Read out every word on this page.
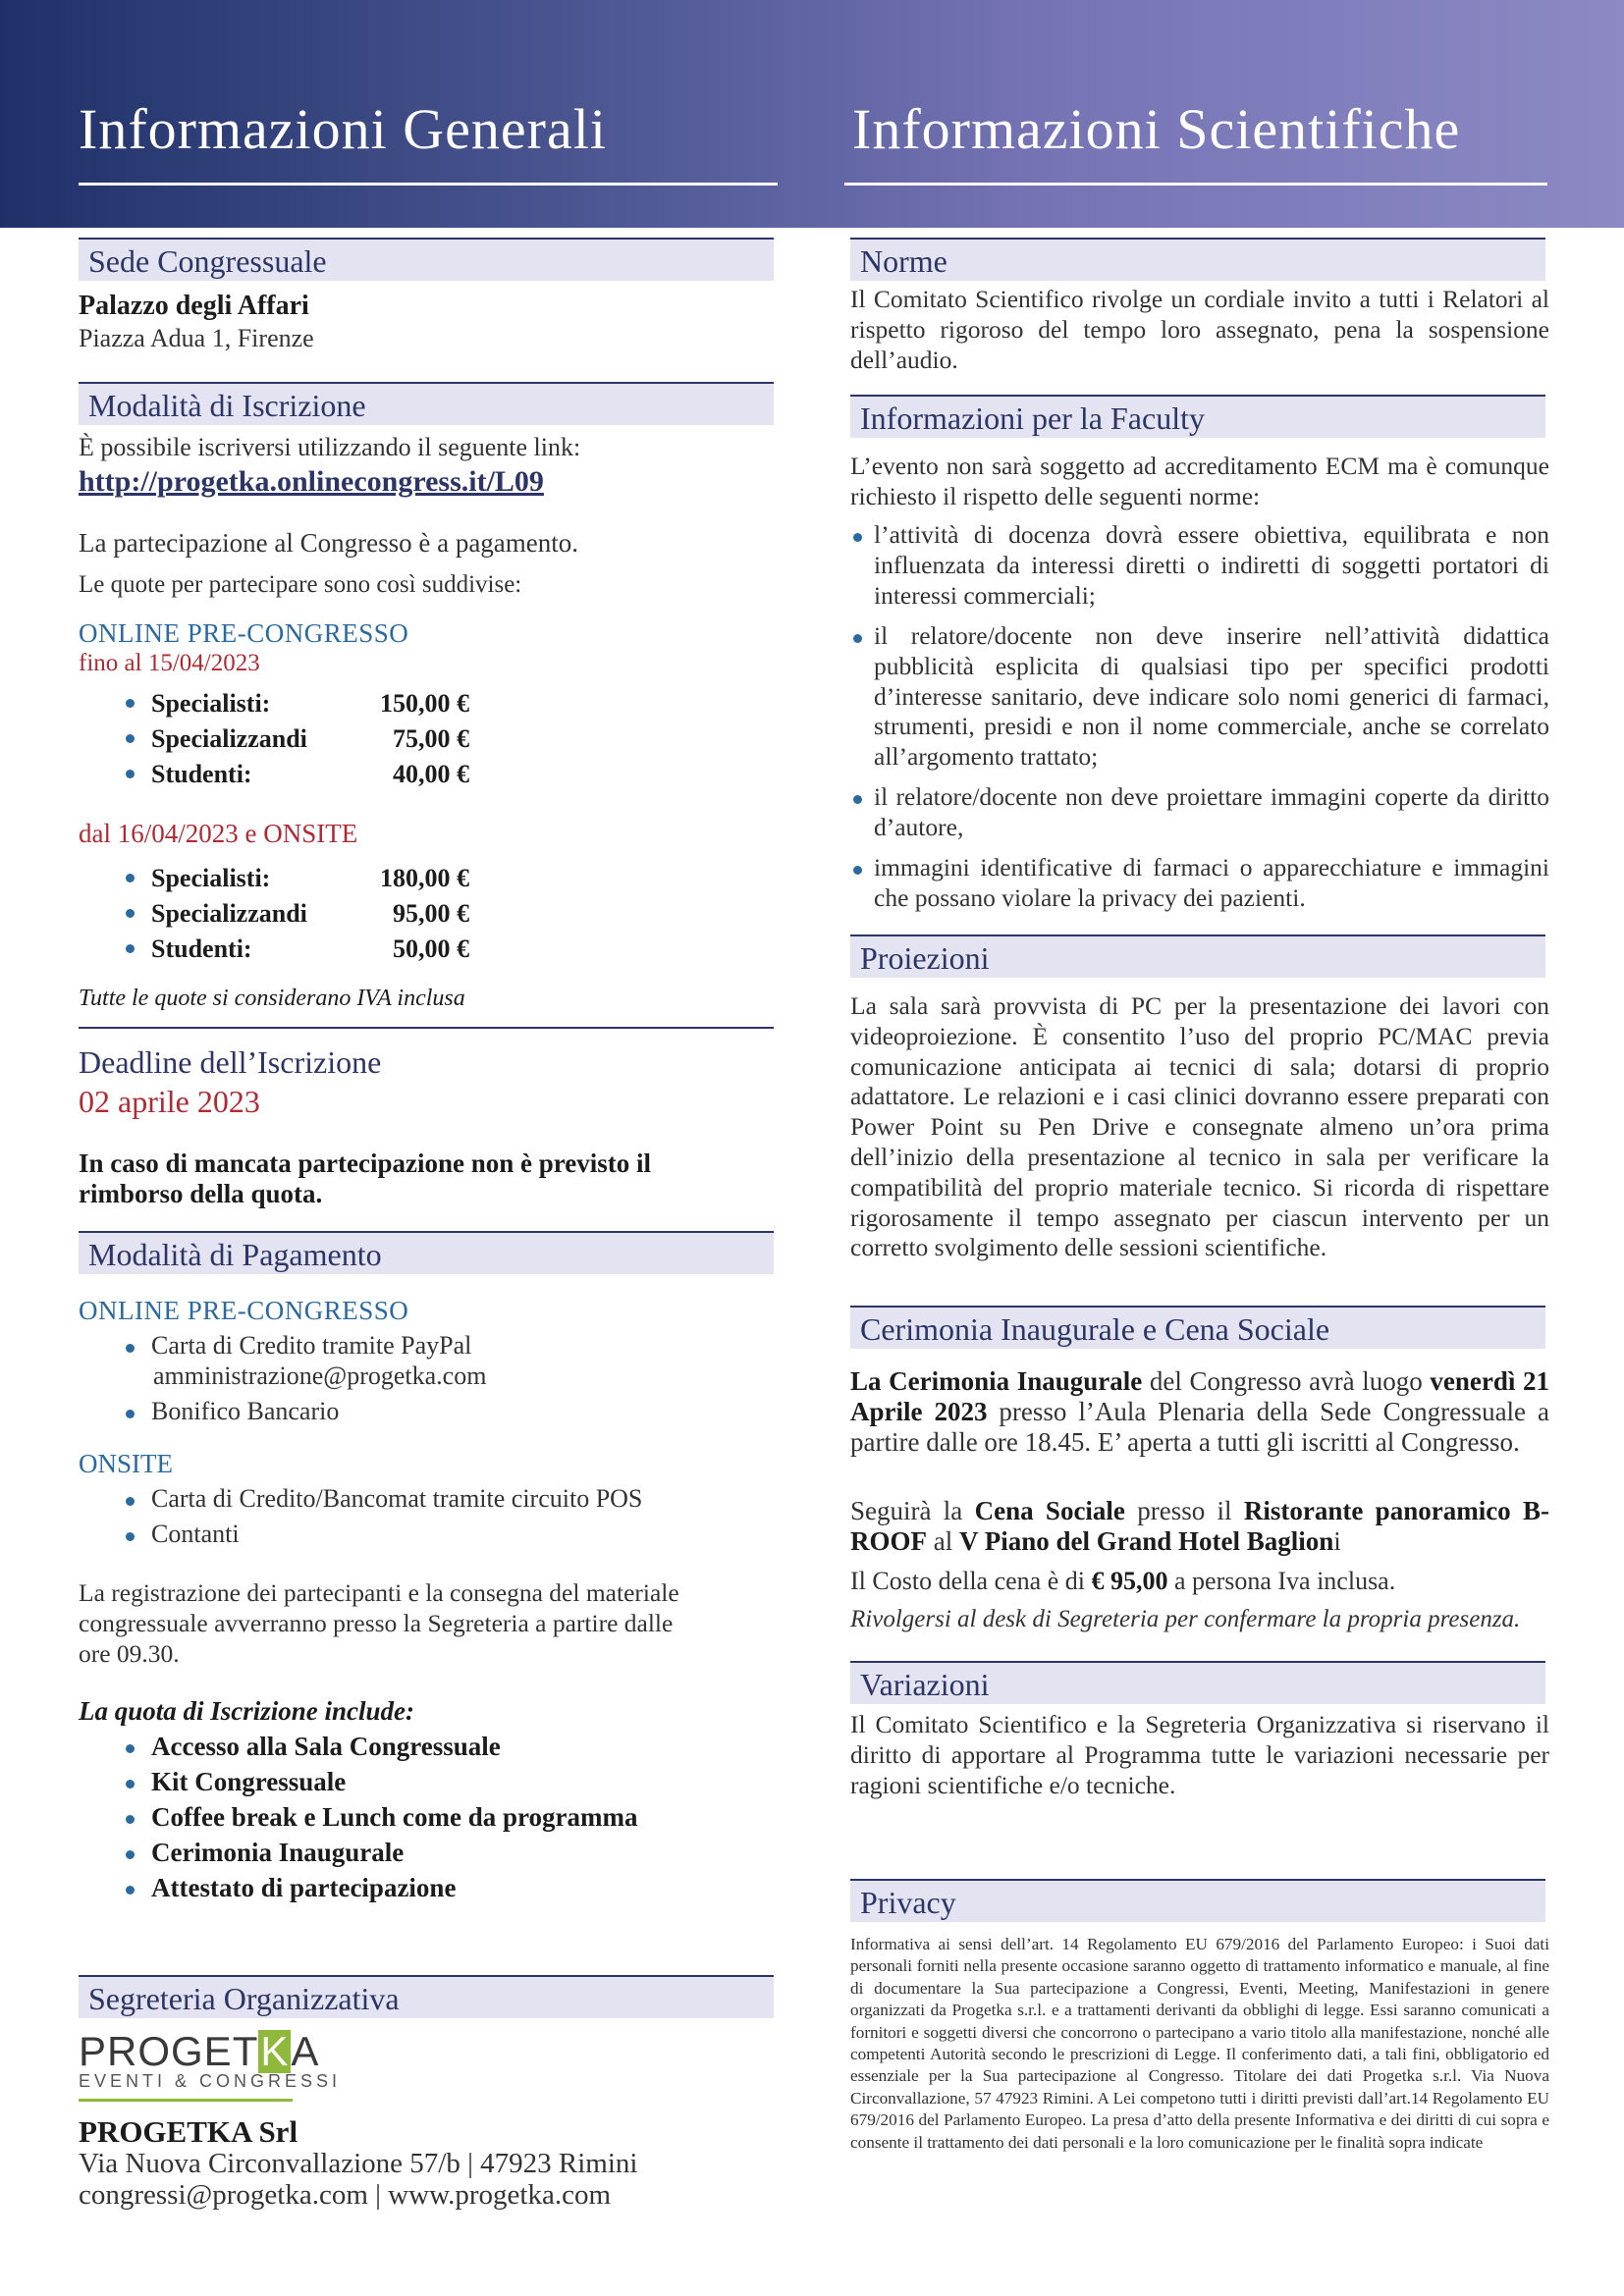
Informazioni Generali	Informazioni Scientifiche
Sede Congressuale
Palazzo degli Affari
Piazza Adua 1, Firenze
Modalità di Iscrizione
È possibile iscriversi utilizzando il seguente link:
http://progetka.onlinecongress.it/L09
La partecipazione al Congresso è a pagamento.
Le quote per partecipare sono così suddivise:
ONLINE PRE-CONGRESSO
fino al 15/04/2023
Specialisti:	150,00 €
Specializzandi	75,00 €
Studenti:	40,00 €
dal 16/04/2023 e ONSITE
Specialisti:	180,00 €
Specializzandi	95,00 €
Studenti:	50,00 €
Tutte le quote si considerano IVA inclusa
Deadline dell’Iscrizione
02 aprile 2023
In caso di mancata partecipazione non è previsto il
rimborso della quota.
Modalità di Pagamento
ONLINE PRE-CONGRESSO
Carta di Credito tramite PayPal
amministrazione@progetka.com
Bonifico Bancario
ONSITE
Carta di Credito/Bancomat tramite circuito POS
Contanti
La registrazione dei partecipanti e la consegna del materiale
congressuale avverranno presso la Segreteria a partire dalle
ore 09.30.
La quota di Iscrizione include:
Accesso alla Sala Congressuale
Kit Congressuale
Coffee break e Lunch come da programma
Cerimonia Inaugurale
Attestato di partecipazione
Segreteria Organizzativa
PROGETKA
EVENTI & CONGRESSI
PROGETKA Srl
Via Nuova Circonvallazione 57/b | 47923 Rimini
congressi@progetka.com | www.progetka.com
Norme
Il Comitato Scientifico rivolge un cordiale invito a tutti i Relatori al rispetto rigoroso del tempo loro assegnato, pena la sospensione dell’audio.
Informazioni per la Faculty
L’evento non sarà soggetto ad accreditamento ECM ma è comunque richiesto il rispetto delle seguenti norme:
l’attività di docenza dovrà essere obiettiva, equilibrata e non influenzata da interessi diretti o indiretti di soggetti portatori di interessi commerciali;
il relatore/docente non deve inserire nell’attività didattica pubblicità esplicita di qualsiasi tipo per specifici prodotti d’interesse sanitario, deve indicare solo nomi generici di farmaci, strumenti, presidi e non il nome commerciale, anche se correlato all’argomento trattato;
il relatore/docente non deve proiettare immagini coperte da diritto d’autore,
immagini identificative di farmaci o apparecchiature e immagini che possano violare la privacy dei pazienti.
Proiezioni
La sala sarà provvista di PC per la presentazione dei lavori con videoproiezione. È consentito l’uso del proprio PC/MAC previa comunicazione anticipata ai tecnici di sala; dotarsi di proprio adattatore. Le relazioni e i casi clinici dovranno essere preparati con Power Point su Pen Drive e consegnate almeno un’ora prima dell’inizio della presentazione al tecnico in sala per verificare la compatibilità del proprio materiale tecnico. Si ricorda di rispettare rigorosamente il tempo assegnato per ciascun intervento per un corretto svolgimento delle sessioni scientifiche.
Cerimonia Inaugurale e Cena Sociale
La Cerimonia Inaugurale del Congresso avrà luogo venerdì 21 Aprile 2023 presso l’Aula Plenaria della Sede Congressuale a partire dalle ore 18.45. E’ aperta a tutti gli iscritti al Congresso.
Seguirà la Cena Sociale presso il Ristorante panoramico B-ROOF al V Piano del Grand Hotel Baglioni
Il Costo della cena è di € 95,00 a persona Iva inclusa.
Rivolgersi al desk di Segreteria per confermare la propria presenza.
Variazioni
Il Comitato Scientifico e la Segreteria Organizzativa si riservano il diritto di apportare al Programma tutte le variazioni necessarie per ragioni scientifiche e/o tecniche.
Privacy
Informativa ai sensi dell’art. 14 Regolamento EU 679/2016 del Parlamento Europeo: i Suoi dati personali forniti nella presente occasione saranno oggetto di trattamento informatico e manuale, al fine di documentare la Sua partecipazione a Congressi, Eventi, Meeting, Manifestazioni in genere organizzati da Progetka s.r.l. e a trattamenti derivanti da obblighi di legge. Essi saranno comunicati a fornitori e soggetti diversi che concorrono o partecipano a vario titolo alla manifestazione, nonché alle competenti Autorità secondo le prescrizioni di Legge. Il conferimento dati, a tali fini, obbligatorio ed essenziale per la Sua partecipazione al Congresso. Titolare dei dati Progetka s.r.l. Via Nuova Circonvallazione, 57 47923 Rimini. A Lei competono tutti i diritti previsti dall’art.14 Regolamento EU 679/2016 del Parlamento Europeo. La presa d’atto della presente Informativa e dei diritti di cui sopra e consente il trattamento dei dati personali e la loro comunicazione per le finalità sopra indicate
